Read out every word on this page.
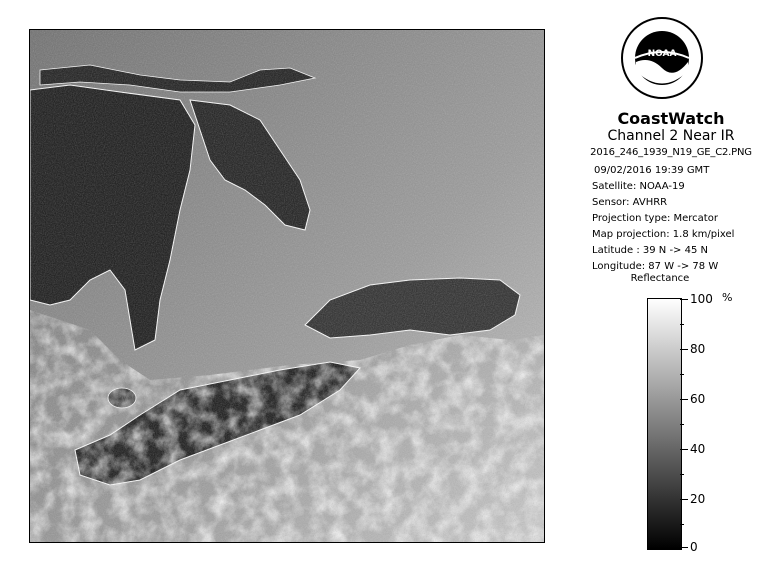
NOAA
CoastWatch
Channel 2 Near IR
2016_246_1939_N19_GE_C2.PNG
09/02/2016 19:39 GMT
Satellite: NOAA-19
Sensor: AVHRR
Projection type: Mercator
Map projection: 1.8 km/pixel
Latitude : 39 N -> 45 N
Longitude: 87 W -> 78 W
Reflectance
%
100
80
60
40
20
0
